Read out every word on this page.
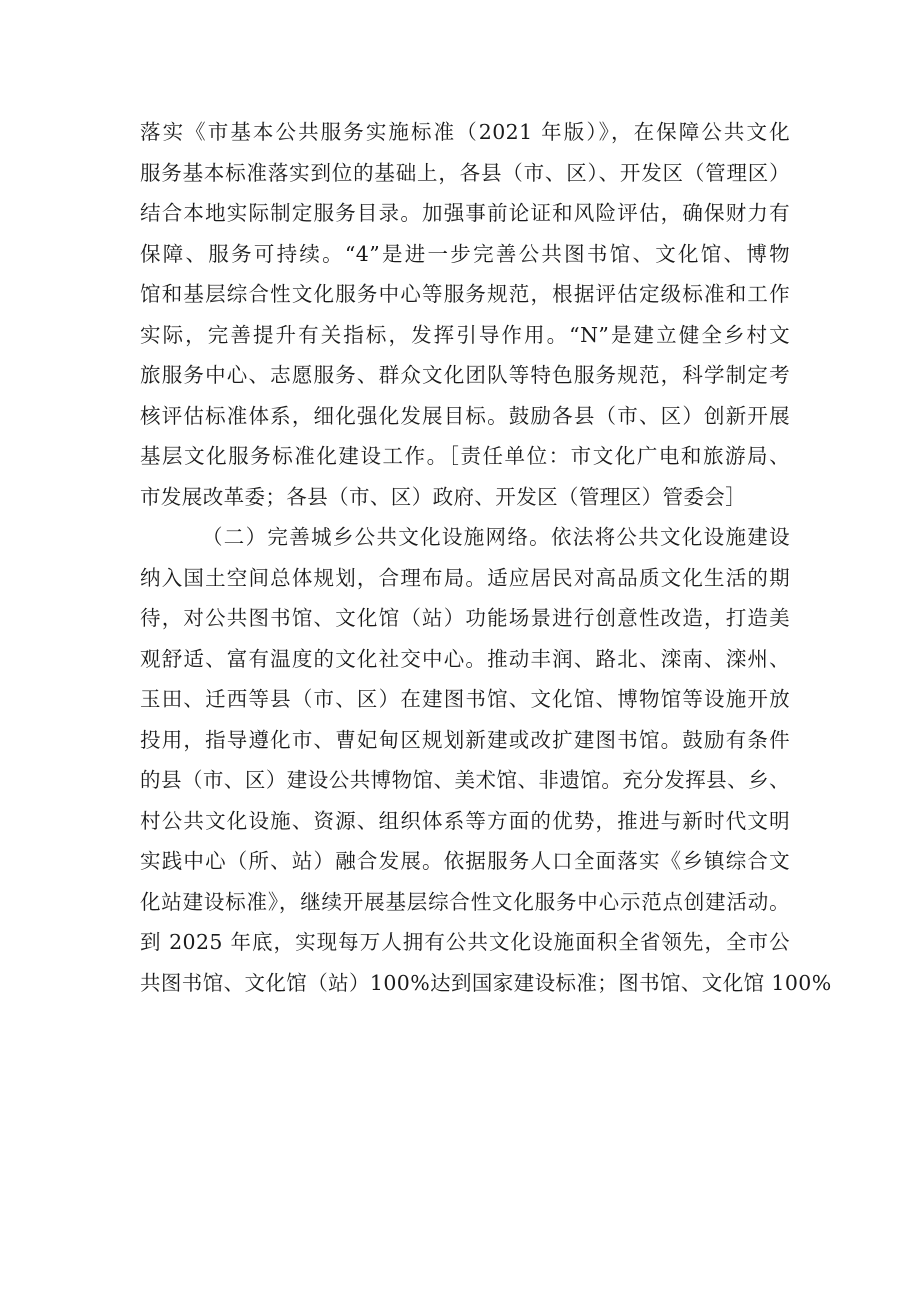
落实《市基本公共服务实施标准（2021 年版）》，在保障公共文化
服务基本标准落实到位的基础上，各县（市、区）、开发区（管理区）
结合本地实际制定服务目录。加强事前论证和风险评估，确保财力有
保障、服务可持续。“4”是进一步完善公共图书馆、文化馆、博物
馆和基层综合性文化服务中心等服务规范，根据评估定级标准和工作
实际，完善提升有关指标，发挥引导作用。“N”是建立健全乡村文
旅服务中心、志愿服务、群众文化团队等特色服务规范，科学制定考
核评估标准体系，细化强化发展目标。鼓励各县（市、区）创新开展
基层文化服务标准化建设工作。［责任单位：市文化广电和旅游局、
市发展改革委；各县（市、区）政府、开发区（管理区）管委会］
（二）完善城乡公共文化设施网络。依法将公共文化设施建设
纳入国土空间总体规划，合理布局。适应居民对高品质文化生活的期
待，对公共图书馆、文化馆（站）功能场景进行创意性改造，打造美
观舒适、富有温度的文化社交中心。推动丰润、路北、滦南、滦州、
玉田、迁西等县（市、区）在建图书馆、文化馆、博物馆等设施开放
投用，指导遵化市、曹妃甸区规划新建或改扩建图书馆。鼓励有条件
的县（市、区）建设公共博物馆、美术馆、非遗馆。充分发挥县、乡、
村公共文化设施、资源、组织体系等方面的优势，推进与新时代文明
实践中心（所、站）融合发展。依据服务人口全面落实《乡镇综合文
化站建设标准》，继续开展基层综合性文化服务中心示范点创建活动。
到 2025 年底，实现每万人拥有公共文化设施面积全省领先，全市公
共图书馆、文化馆（站）100%达到国家建设标准；图书馆、文化馆 100%
